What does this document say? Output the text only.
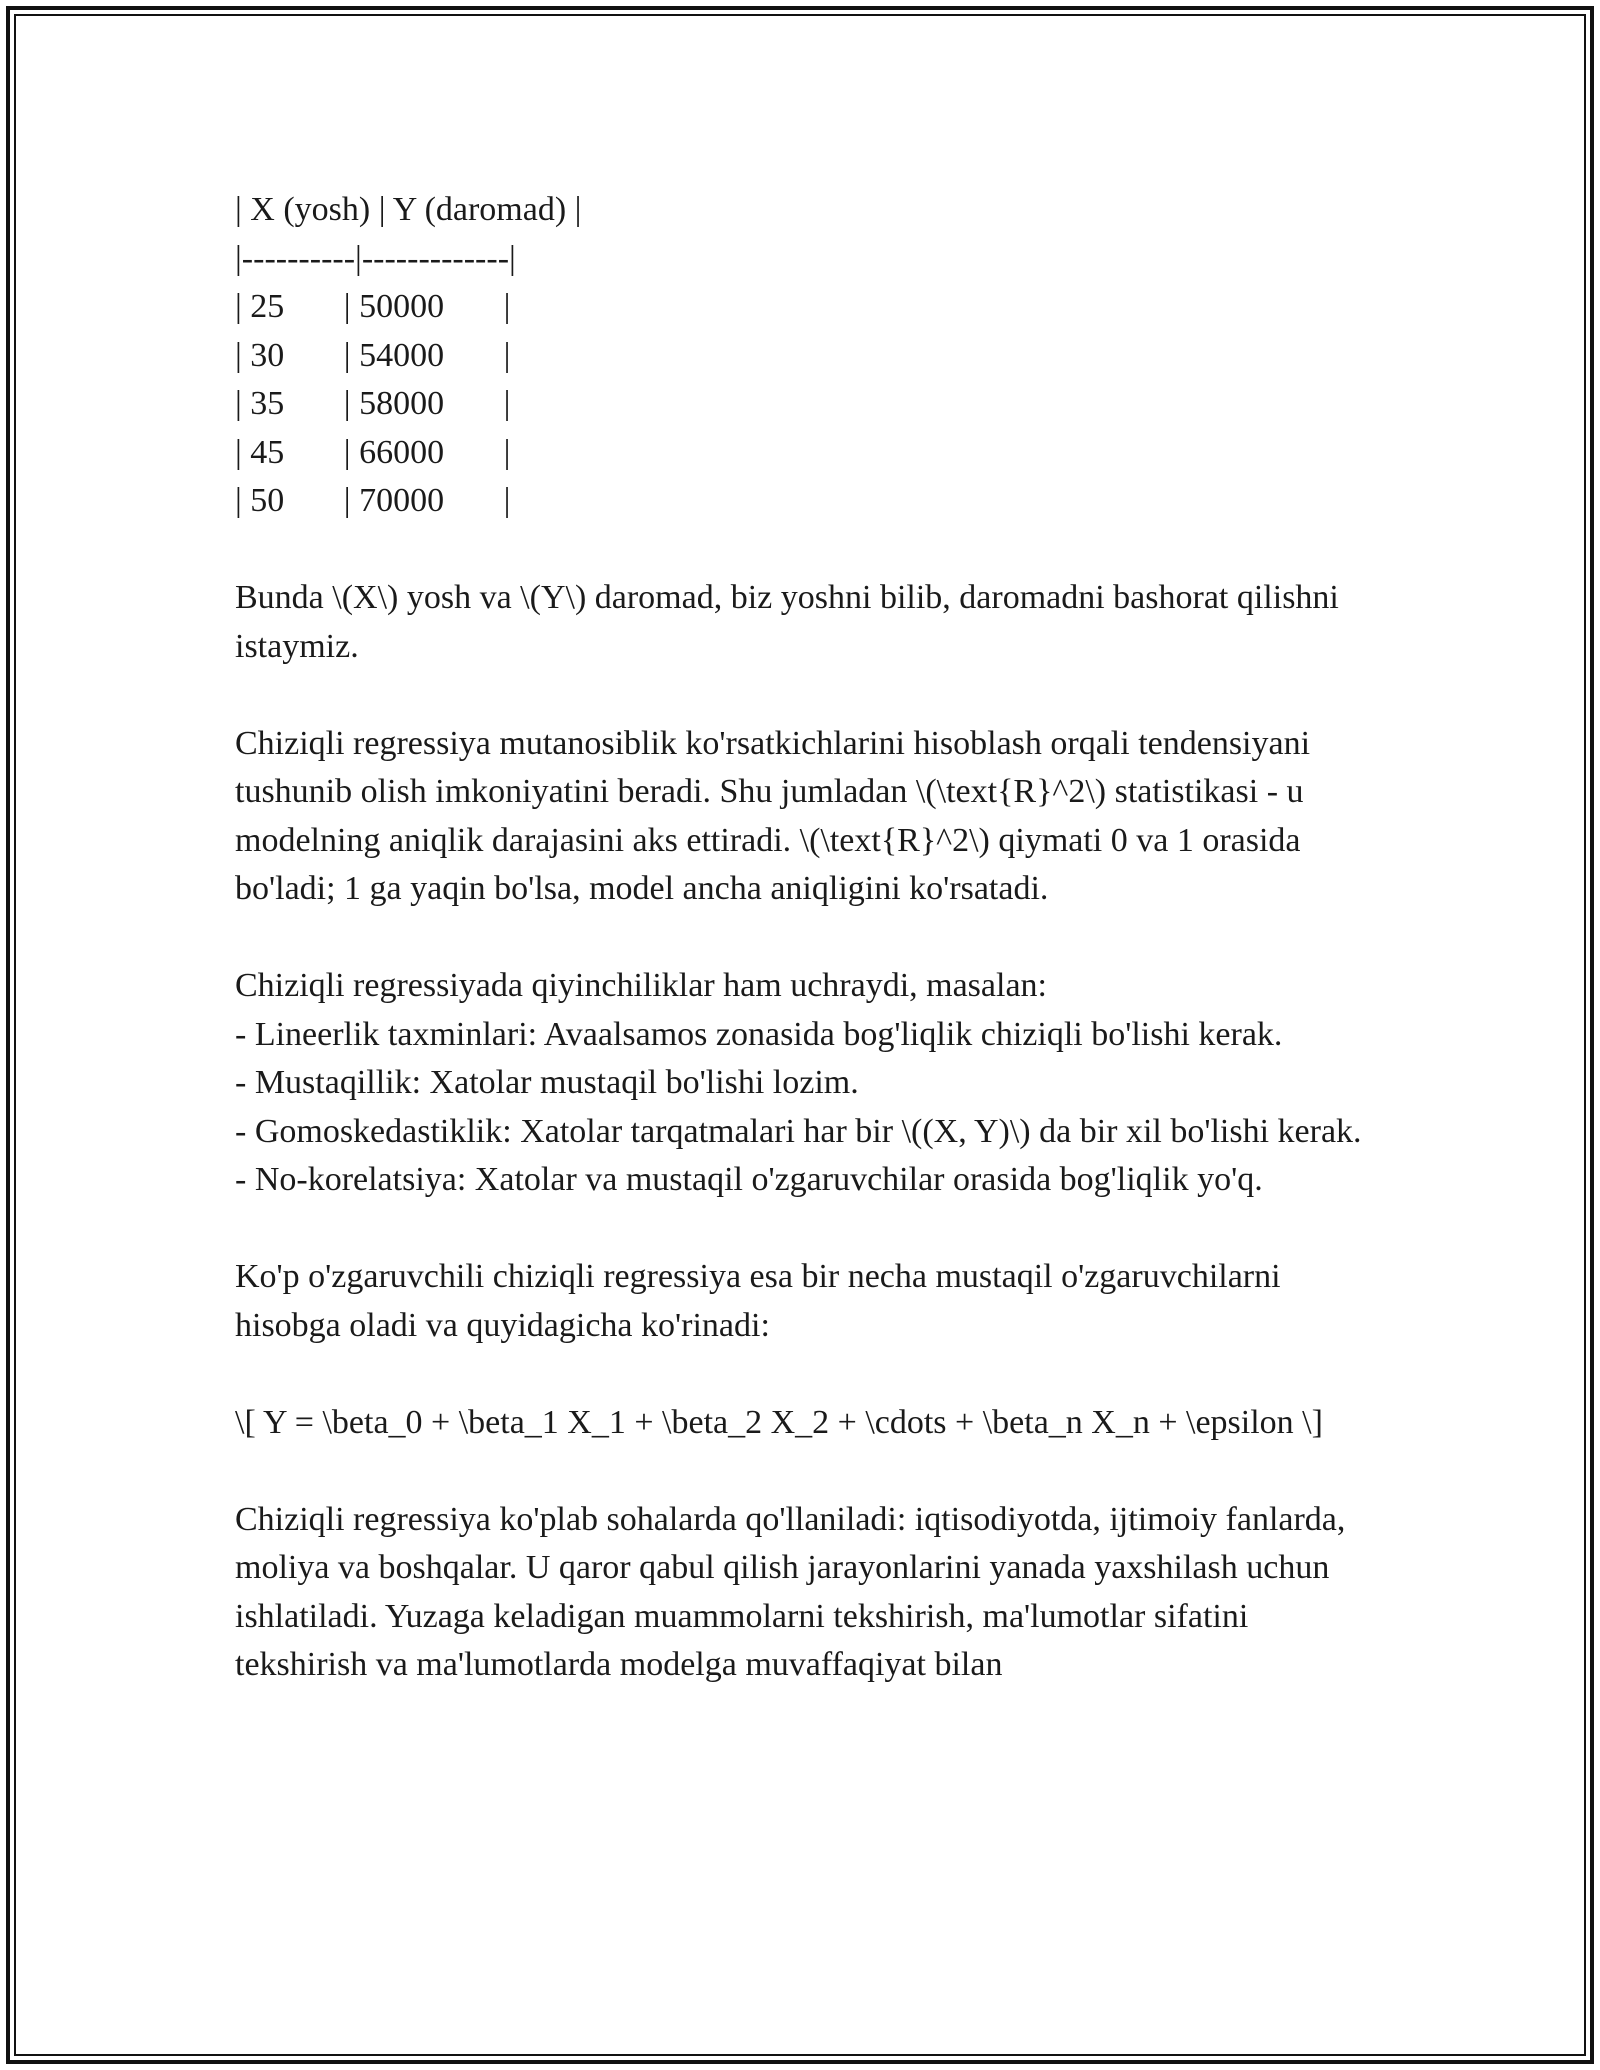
| X (yosh) | Y (daromad) |

|----------|-------------|

| 25       | 50000       |

| 30       | 54000       |

| 35       | 58000       |

| 45       | 66000       |

| 50       | 70000       |

Bunda \(X\) yosh va \(Y\) daromad, biz yoshni bilib, daromadni bashorat qilishni istaymiz.

Chiziqli regressiya mutanosiblik ko'rsatkichlarini hisoblash orqali tendensiyani tushunib olish imkoniyatini beradi. Shu jumladan \(\text{R}^2\) statistikasi - u modelning aniqlik darajasini aks ettiradi. \(\text{R}^2\) qiymati 0 va 1 orasida bo'ladi; 1 ga yaqin bo'lsa, model ancha aniqligini ko'rsatadi.

Chiziqli regressiyada qiyinchiliklar ham uchraydi, masalan:

- Lineerlik taxminlari: Avaalsamos zonasida bog'liqlik chiziqli bo'lishi kerak.

- Mustaqillik: Xatolar mustaqil bo'lishi lozim.

- Gomoskedastiklik: Xatolar tarqatmalari har bir \((X, Y)\) da bir xil bo'lishi kerak.

- No-korelatsiya: Xatolar va mustaqil o'zgaruvchilar orasida bog'liqlik yo'q.

Ko'p o'zgaruvchili chiziqli regressiya esa bir necha mustaqil o'zgaruvchilarni hisobga oladi va quyidagicha ko'rinadi:

\[ Y = \beta_0 + \beta_1 X_1 + \beta_2 X_2 + \cdots + \beta_n X_n + \epsilon \]

Chiziqli regressiya ko'plab sohalarda qo'llaniladi: iqtisodiyotda, ijtimoiy fanlarda, moliya va boshqalar. U qaror qabul qilish jarayonlarini yanada yaxshilash uchun ishlatiladi. Yuzaga keladigan muammolarni tekshirish, ma'lumotlar sifatini tekshirish va ma'lumotlarda modelga muvaffaqiyat bilan
